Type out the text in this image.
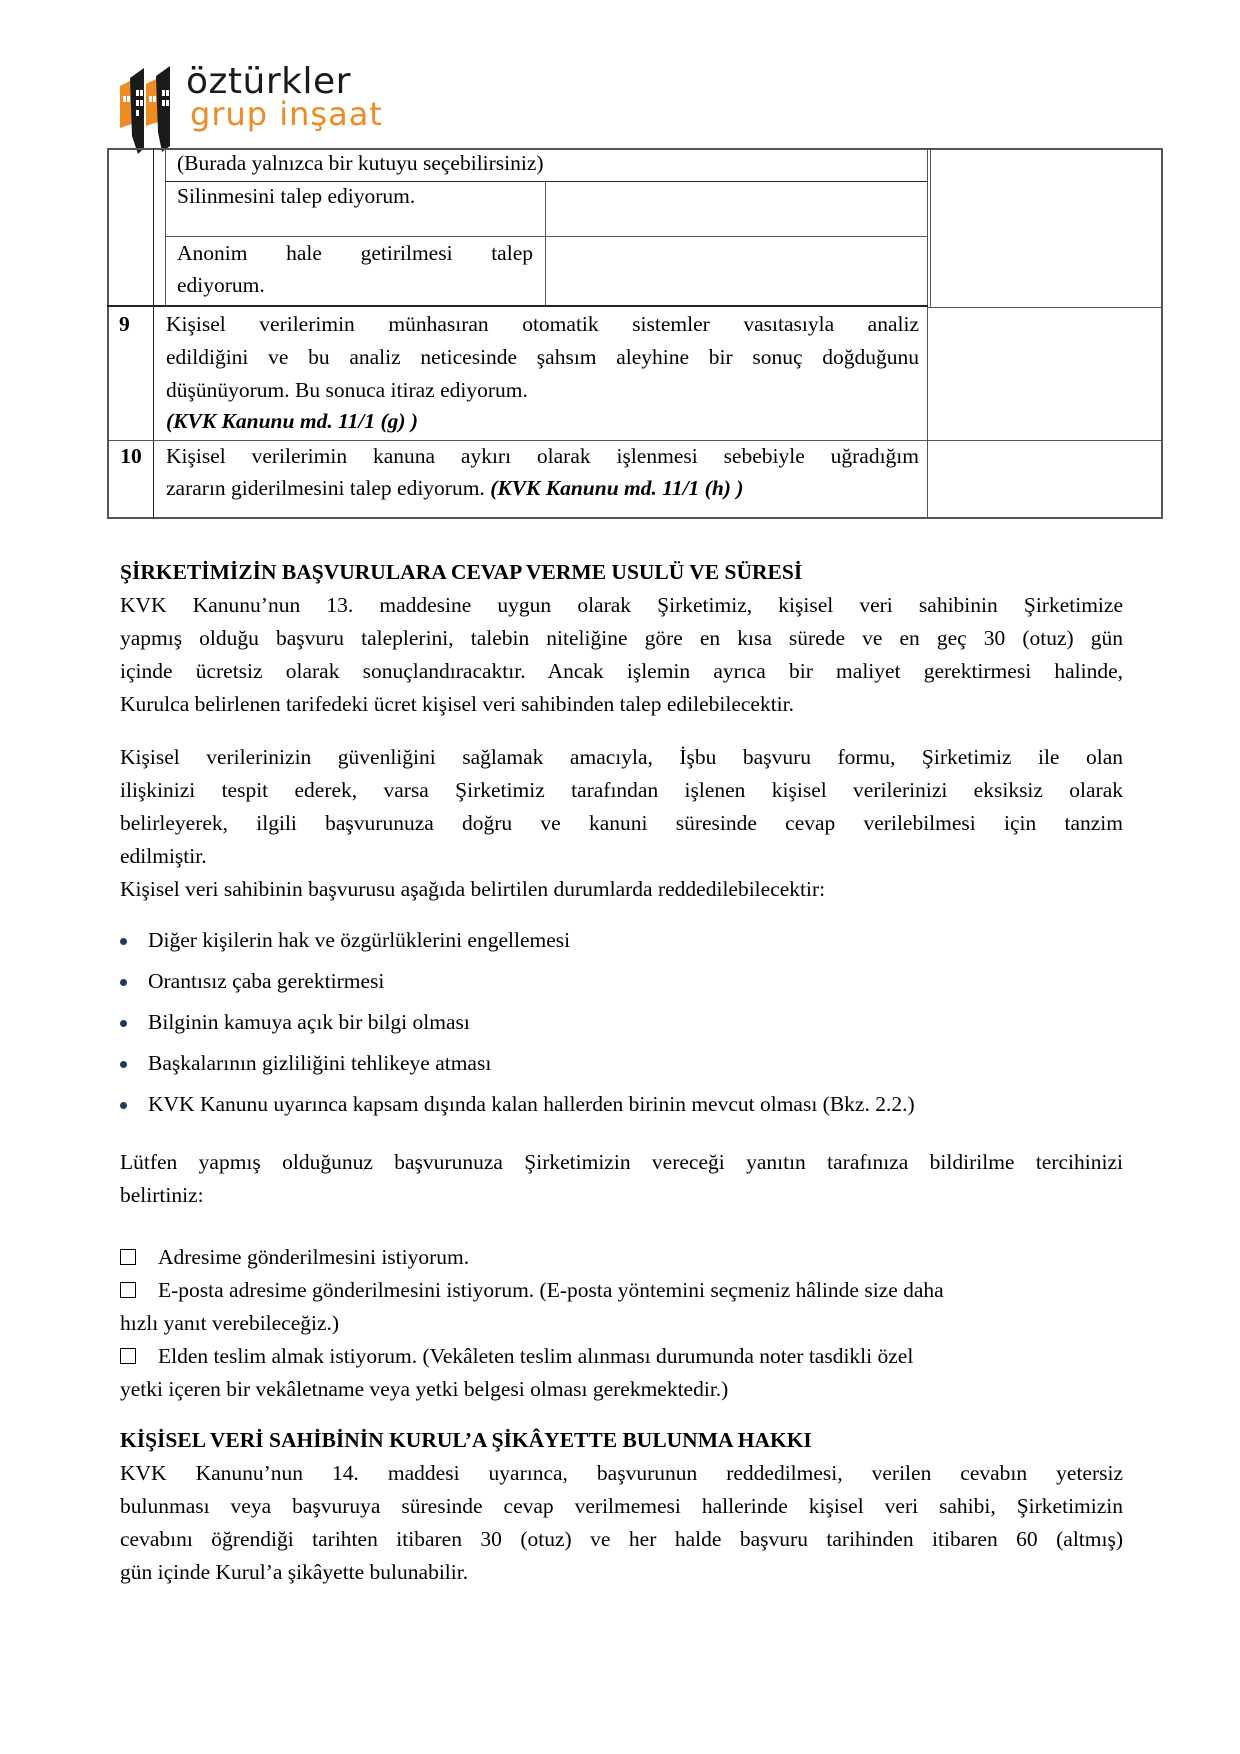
öztürkler
grup inşaat
(Burada yalnızca bir kutuyu seçebilirsiniz)
Silinmesini talep ediyorum.
Anonim hale getirilmesi talep
ediyorum.
9 Kişisel verilerimin münhasıran otomatik sistemler vasıtasıyla analiz
edildiğini ve bu analiz neticesinde şahsım aleyhine bir sonuç doğduğunu
düşünüyorum. Bu sonuca itiraz ediyorum.
(KVK Kanunu md. 11/1 (g) )
10	Kişisel verilerimin kanuna aykırı olarak işlenmesi sebebiyle uğradığım
zararın giderilmesini talep ediyorum. (KVK Kanunu md. 11/1 (h) )
ŞİRKETİMİZİN BAŞVURULARA CEVAP VERME USULÜ VE SÜRESİ
KVK Kanunu’nun 13. maddesine uygun olarak Şirketimiz, kişisel veri sahibinin Şirketimize
yapmış olduğu başvuru taleplerini, talebin niteliğine göre en kısa sürede ve en geç 30 (otuz) gün
içinde ücretsiz olarak sonuçlandıracaktır. Ancak işlemin ayrıca bir maliyet gerektirmesi halinde,
Kurulca belirlenen tarifedeki ücret kişisel veri sahibinden talep edilebilecektir.
Kişisel verilerinizin güvenliğini sağlamak amacıyla, İşbu başvuru formu, Şirketimiz ile olan
ilişkinizi tespit ederek, varsa Şirketimiz tarafından işlenen kişisel verilerinizi eksiksiz olarak
belirleyerek, ilgili başvurunuza doğru ve kanuni süresinde cevap verilebilmesi için tanzim
edilmiştir.
Kişisel veri sahibinin başvurusu aşağıda belirtilen durumlarda reddedilebilecektir:
Diğer kişilerin hak ve özgürlüklerini engellemesi
Orantısız çaba gerektirmesi
Bilginin kamuya açık bir bilgi olması
Başkalarının gizliliğini tehlikeye atması
KVK Kanunu uyarınca kapsam dışında kalan hallerden birinin mevcut olması (Bkz. 2.2.)
Lütfen yapmış olduğunuz başvurunuza Şirketimizin vereceği yanıtın tarafınıza bildirilme tercihinizi
belirtiniz:
Adresime gönderilmesini istiyorum.
E-posta adresime gönderilmesini istiyorum. (E-posta yöntemini seçmeniz hâlinde size daha
hızlı yanıt verebileceğiz.)
Elden teslim almak istiyorum. (Vekâleten teslim alınması durumunda noter tasdikli özel
yetki içeren bir vekâletname veya yetki belgesi olması gerekmektedir.)
KİŞİSEL VERİ SAHİBİNİN KURUL’A ŞİKÂYETTE BULUNMA HAKKI
KVK Kanunu’nun 14. maddesi uyarınca, başvurunun reddedilmesi, verilen cevabın yetersiz
bulunması veya başvuruya süresinde cevap verilmemesi hallerinde kişisel veri sahibi, Şirketimizin
cevabını öğrendiği tarihten itibaren 30 (otuz) ve her halde başvuru tarihinden itibaren 60 (altmış)
gün içinde Kurul’a şikâyette bulunabilir.
